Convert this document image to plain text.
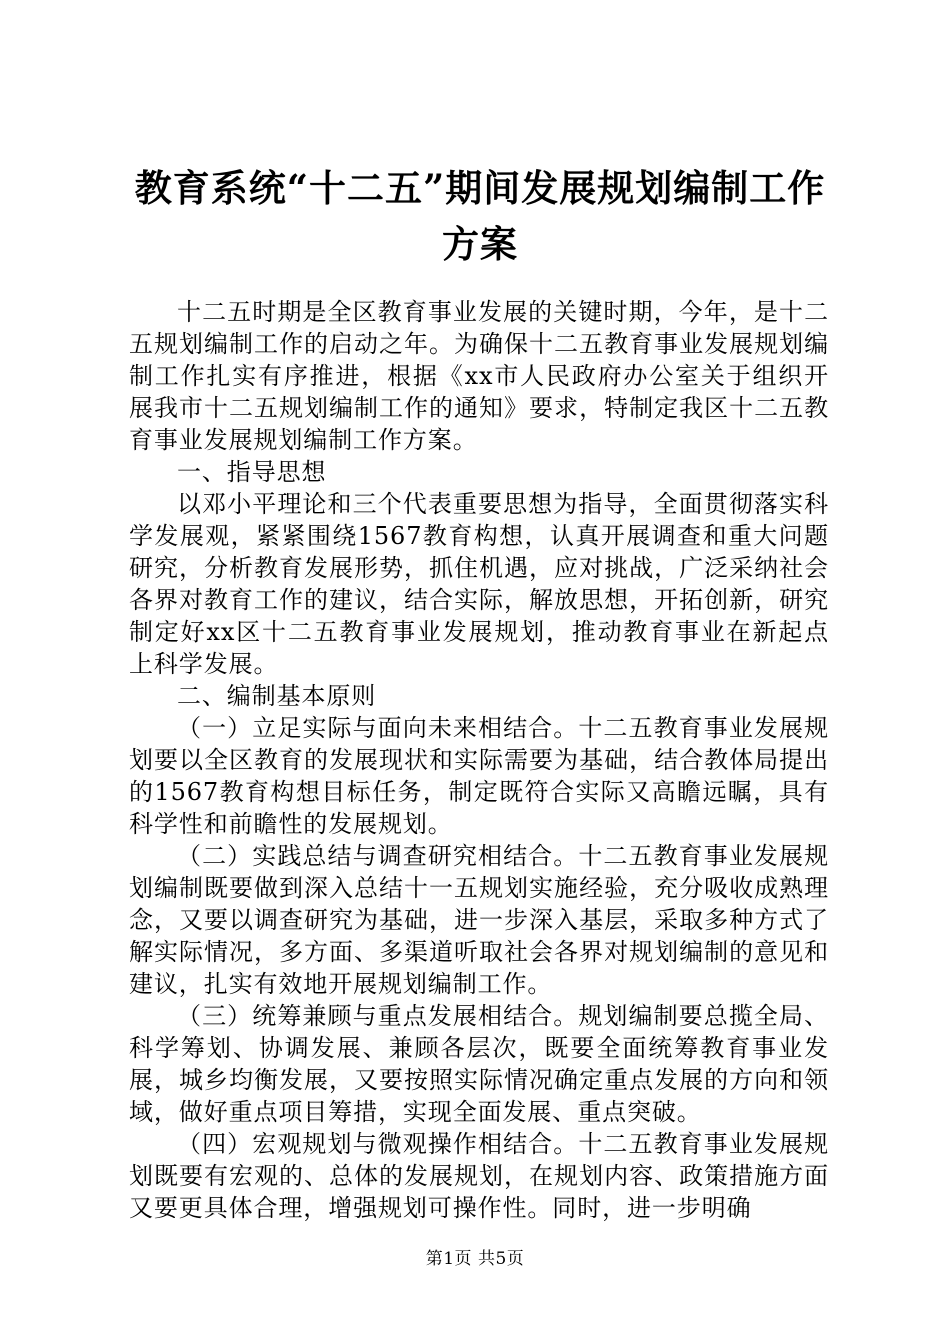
教育系统“十二五”期间发展规划编制工作方案

十二五时期是全区教育事业发展的关键时期，今年，是十二五规划编制工作的启动之年。为确保十二五教育事业发展规划编制工作扎实有序推进，根据《xx市人民政府办公室关于组织开展我市十二五规划编制工作的通知》要求，特制定我区十二五教育事业发展规划编制工作方案。

一、指导思想

以邓小平理论和三个代表重要思想为指导，全面贯彻落实科学发展观，紧紧围绕1567教育构想，认真开展调查和重大问题研究，分析教育发展形势，抓住机遇，应对挑战，广泛采纳社会各界对教育工作的建议，结合实际，解放思想，开拓创新，研究制定好xx区十二五教育事业发展规划，推动教育事业在新起点上科学发展。

二、编制基本原则

（一）立足实际与面向未来相结合。十二五教育事业发展规划要以全区教育的发展现状和实际需要为基础，结合教体局提出的1567教育构想目标任务，制定既符合实际又高瞻远瞩，具有科学性和前瞻性的发展规划。

（二）实践总结与调查研究相结合。十二五教育事业发展规划编制既要做到深入总结十一五规划实施经验，充分吸收成熟理念，又要以调查研究为基础，进一步深入基层，采取多种方式了解实际情况，多方面、多渠道听取社会各界对规划编制的意见和建议，扎实有效地开展规划编制工作。

（三）统筹兼顾与重点发展相结合。规划编制要总揽全局、科学筹划、协调发展、兼顾各层次，既要全面统筹教育事业发展，城乡均衡发展，又要按照实际情况确定重点发展的方向和领域，做好重点项目筹措，实现全面发展、重点突破。

（四）宏观规划与微观操作相结合。十二五教育事业发展规划既要有宏观的、总体的发展规划，在规划内容、政策措施方面又要更具体合理，增强规划可操作性。同时，进一步明确

第1页 共5页
